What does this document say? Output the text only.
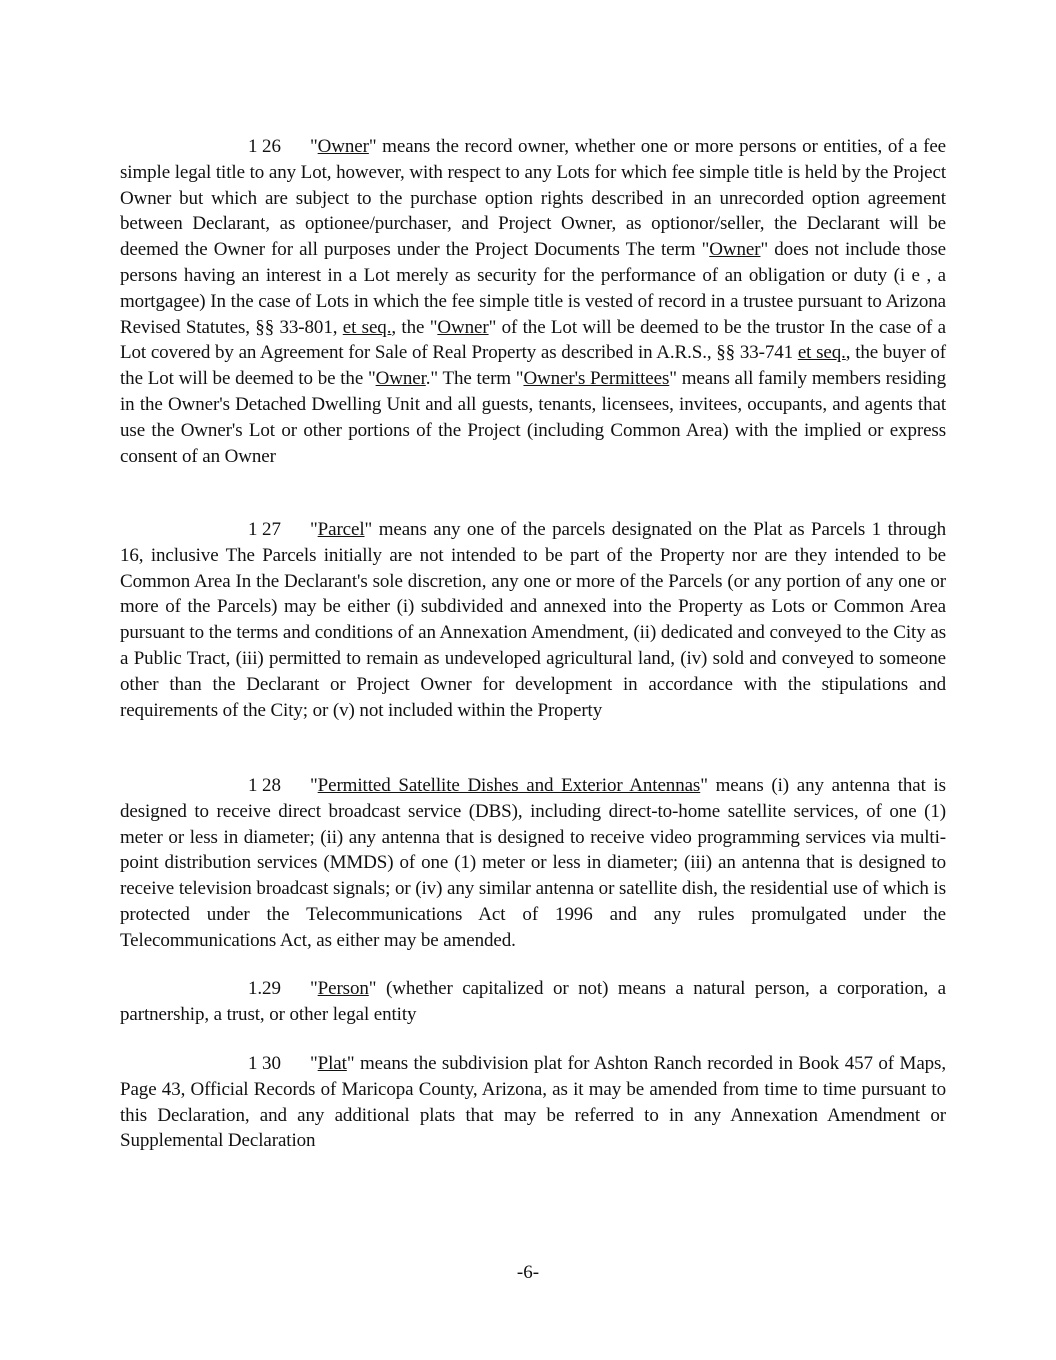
1 26 "Owner" means the record owner, whether one or more persons or entities, of a fee simple legal title to any Lot, however, with respect to any Lots for which fee simple title is held by the Project Owner but which are subject to the purchase option rights described in an unrecorded option agreement between Declarant, as optionee/purchaser, and Project Owner, as optionor/seller, the Declarant will be deemed the Owner for all purposes under the Project Documents The term "Owner" does not include those persons having an interest in a Lot merely as security for the performance of an obligation or duty (i e , a mortgagee) In the case of Lots in which the fee simple title is vested of record in a trustee pursuant to Arizona Revised Statutes, §§ 33-801, et seq., the "Owner" of the Lot will be deemed to be the trustor In the case of a Lot covered by an Agreement for Sale of Real Property as described in A.R.S., §§ 33-741 et seq., the buyer of the Lot will be deemed to be the "Owner." The term "Owner's Permittees" means all family members residing in the Owner's Detached Dwelling Unit and all guests, tenants, licensees, invitees, occupants, and agents that use the Owner's Lot or other portions of the Project (including Common Area) with the implied or express consent of an Owner

1 27 "Parcel" means any one of the parcels designated on the Plat as Parcels 1 through 16, inclusive The Parcels initially are not intended to be part of the Property nor are they intended to be Common Area In the Declarant's sole discretion, any one or more of the Parcels (or any portion of any one or more of the Parcels) may be either (i) subdivided and annexed into the Property as Lots or Common Area pursuant to the terms and conditions of an Annexation Amendment, (ii) dedicated and conveyed to the City as a Public Tract, (iii) permitted to remain as undeveloped agricultural land, (iv) sold and conveyed to someone other than the Declarant or Project Owner for development in accordance with the stipulations and requirements of the City; or (v) not included within the Property

1 28 "Permitted Satellite Dishes and Exterior Antennas" means (i) any antenna that is designed to receive direct broadcast service (DBS), including direct-to-home satellite services, of one (1) meter or less in diameter; (ii) any antenna that is designed to receive video programming services via multi-point distribution services (MMDS) of one (1) meter or less in diameter; (iii) an antenna that is designed to receive television broadcast signals; or (iv) any similar antenna or satellite dish, the residential use of which is protected under the Telecommunications Act of 1996 and any rules promulgated under the Telecommunications Act, as either may be amended.

1.29 "Person" (whether capitalized or not) means a natural person, a corporation, a partnership, a trust, or other legal entity

1 30 "Plat" means the subdivision plat for Ashton Ranch recorded in Book 457 of Maps, Page 43, Official Records of Maricopa County, Arizona, as it may be amended from time to time pursuant to this Declaration, and any additional plats that may be referred to in any Annexation Amendment or Supplemental Declaration

-6-
